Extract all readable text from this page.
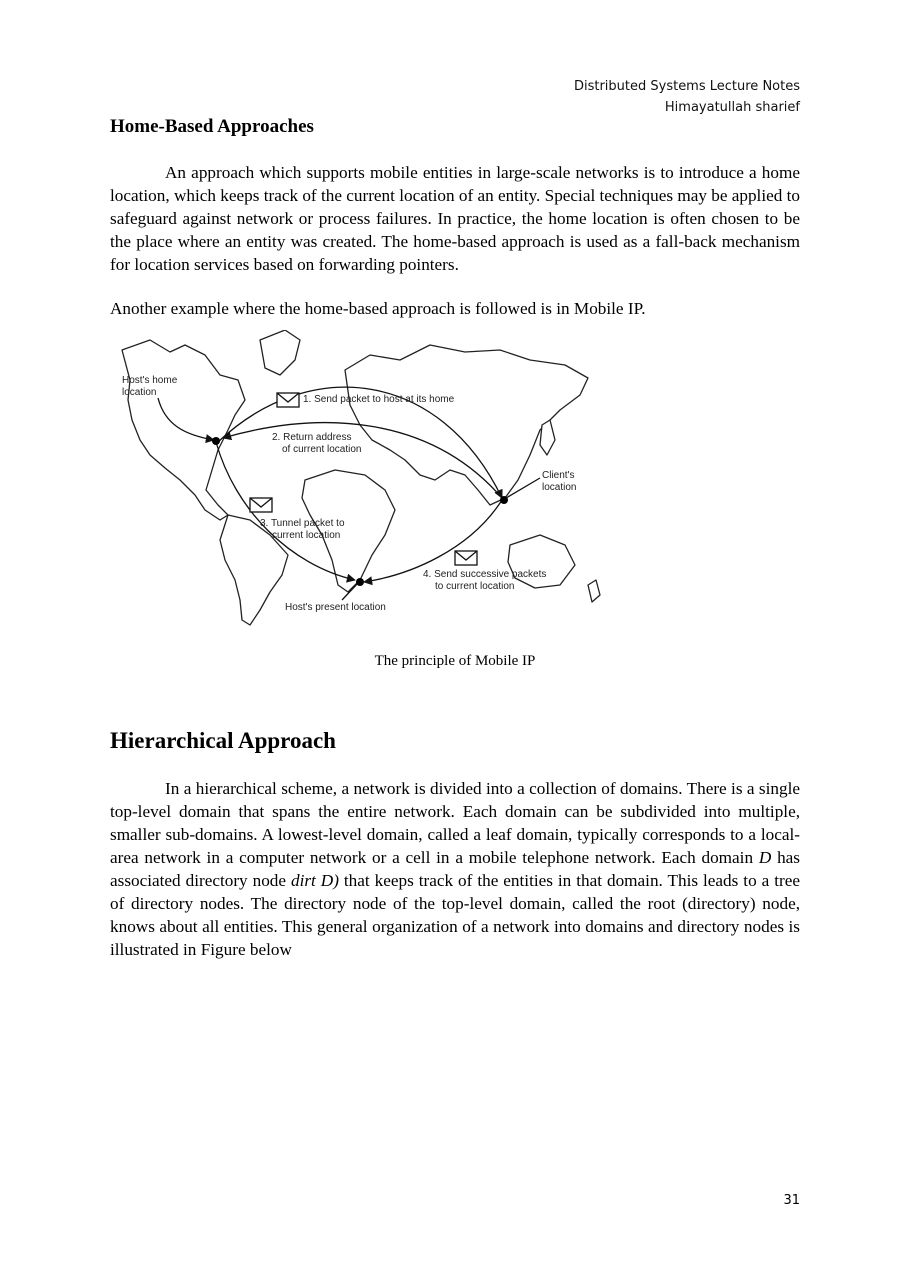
Distributed Systems Lecture Notes
Himayatullah sharief
Home-Based Approaches

An approach which supports mobile entities in large-scale networks is to introduce a home location, which keeps track of the current location of an entity. Special techniques may be applied to safeguard against network or process failures. In practice, the home location is often chosen to be the place where an entity was created. The home-based approach is used as a fall-back mechanism for location services based on forwarding pointers.

Another example where the home-based approach is followed is in Mobile IP.

Host's home
location
1. Send packet to host at its home
2. Return address
of current location
Client's
location
3. Tunnel packet to
current location
4. Send successive packets
to current location
Host's present location
The principle of Mobile IP
Hierarchical Approach

In a hierarchical scheme, a network is divided into a collection of domains. There is a single top-level domain that spans the entire network. Each domain can be subdivided into multiple, smaller sub-domains. A lowest-level domain, called a leaf domain, typically corresponds to a local-area network in a computer network or a cell in a mobile telephone network. Each domain D has associated directory node dirt D) that keeps track of the entities in that domain. This leads to a tree of directory nodes. The directory node of the top-level domain, called the root (directory) node, knows about all entities. This general organization of a network into domains and directory nodes is illustrated in Figure below

31
